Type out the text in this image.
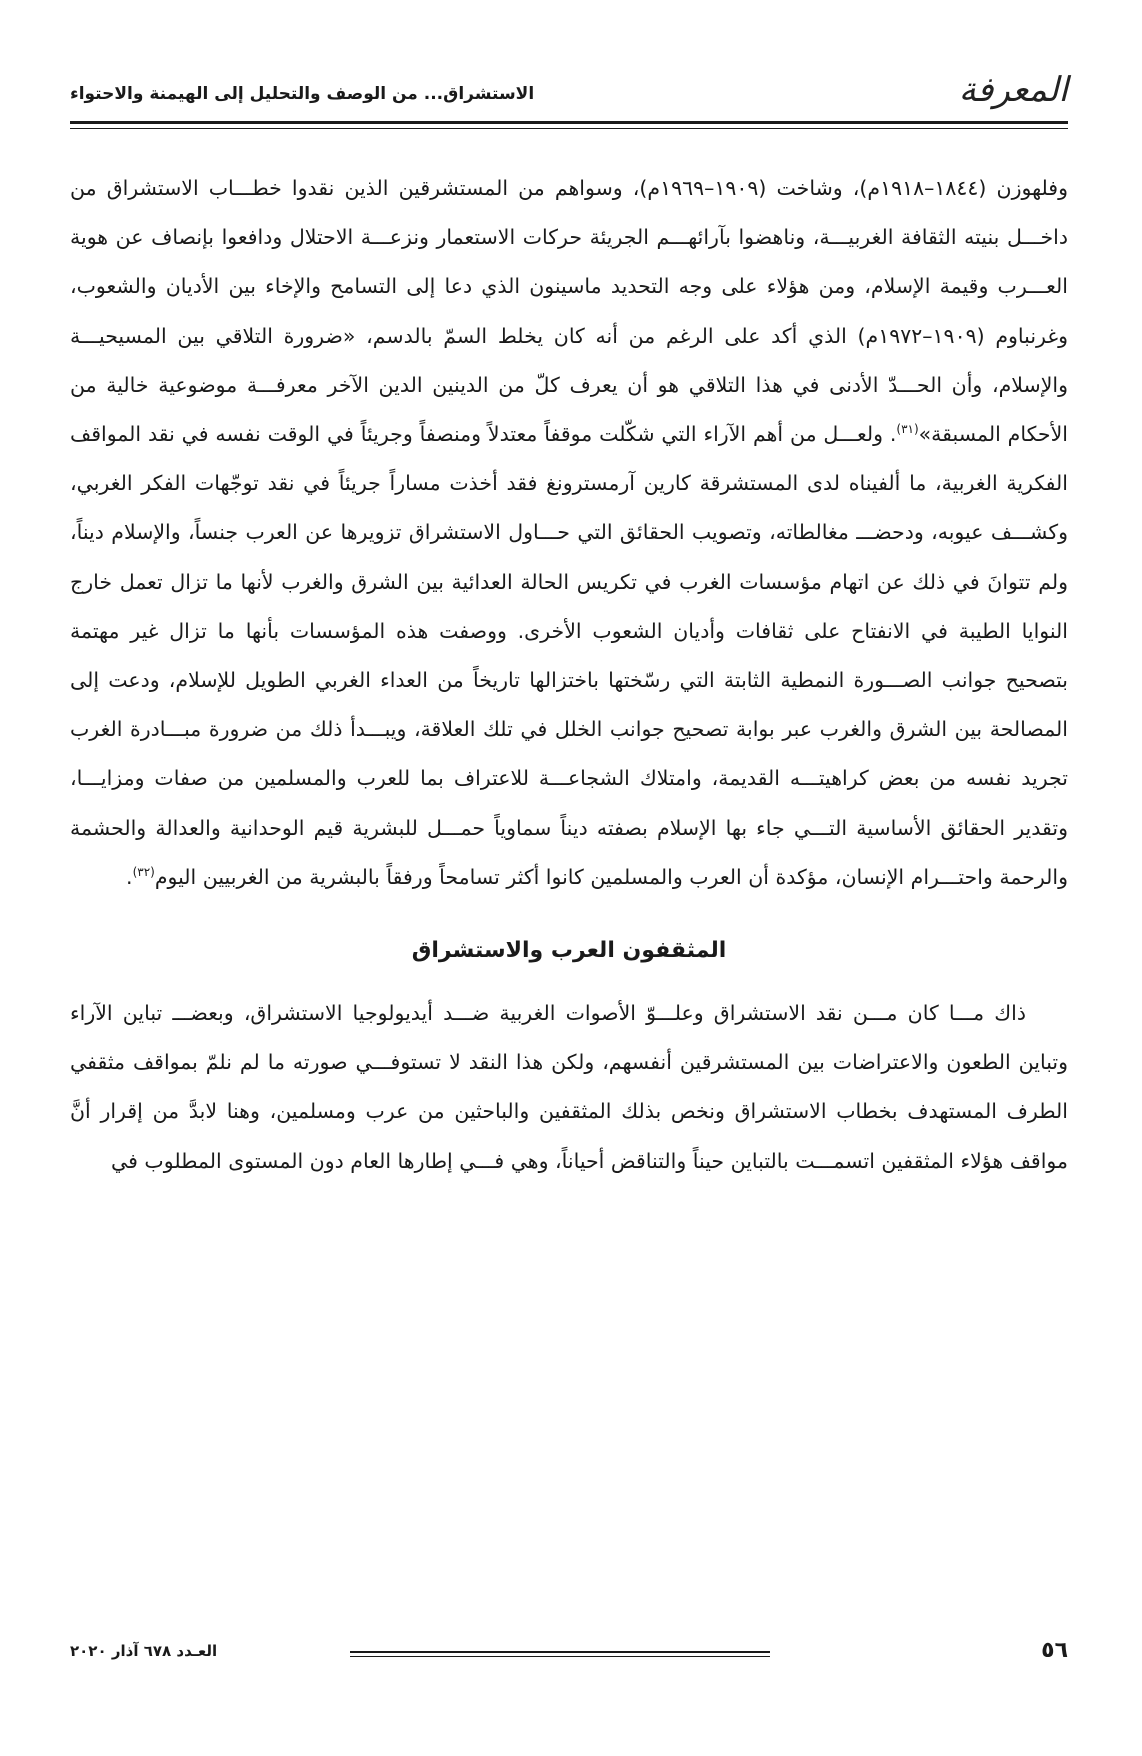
المعرفة
الاستشراق... من الوصف والتحليل إلى الهيمنة والاحتواء

وفلهوزن (١٨٤٤–١٩١٨م)، وشاخت (١٩٠٩–١٩٦٩م)، وسواهم من المستشرقين الذين نقدوا خطـــاب الاستشراق من داخـــل بنيته الثقافة الغربيـــة، وناهضوا بآرائهـــم الجريئة حركات الاستعمار ونزعـــة الاحتلال ودافعوا بإنصاف عن هوية العـــرب وقيمة الإسلام، ومن هؤلاء على وجه التحديد ماسينون الذي دعا إلى التسامح والإخاء بين الأديان والشعوب، وغرنباوم (١٩٠٩–١٩٧٢م) الذي أكد على الرغم من أنه كان يخلط السمّ بالدسم، «ضرورة التلاقي بين المسيحيـــة والإسلام، وأن الحـــدّ الأدنى في هذا التلاقي هو أن يعرف كلّ من الدينين الدين الآخر معرفـــة موضوعية خالية من الأحكام المسبقة»$^{(٣١)}$. ولعـــل من أهم الآراء التي شكّلت موقفاً معتدلاً ومنصفاً وجريئاً في الوقت نفسه في نقد المواقف الفكرية الغربية، ما ألفيناه لدى المستشرقة كارين آرمسترونغ فقد أخذت مساراً جريئاً في نقد توجّهات الفكر الغربي، وكشـــف عيوبه، ودحضـــ مغالطاته، وتصويب الحقائق التي حـــاول الاستشراق تزويرها عن العرب جنساً، والإسلام ديناً، ولم تتوانَ في ذلك عن اتهام مؤسسات الغرب في تكريس الحالة العدائية بين الشرق والغرب لأنها ما تزال تعمل خارج النوايا الطيبة في الانفتاح على ثقافات وأديان الشعوب الأخرى. ووصفت هذه المؤسسات بأنها ما تزال غير مهتمة بتصحيح جوانب الصـــورة النمطية الثابتة التي رسّختها باختزالها تاريخاً من العداء الغربي الطويل للإسلام، ودعت إلى المصالحة بين الشرق والغرب عبر بوابة تصحيح جوانب الخلل في تلك العلاقة، ويبـــدأ ذلك من ضرورة مبـــادرة الغرب تجريد نفسه من بعض كراهيتـــه القديمة، وامتلاك الشجاعـــة للاعتراف بما للعرب والمسلمين من صفات ومزايـــا، وتقدير الحقائق الأساسية التـــي جاء بها الإسلام بصفته ديناً سماوياً حمـــل للبشرية قيم الوحدانية والعدالة والحشمة والرحمة واحتـــرام الإنسان، مؤكدة أن العرب والمسلمين كانوا أكثر تسامحاً ورفقاً بالبشرية من الغربيين اليوم$^{(٣٢)}$.

المثقفون العرب والاستشراق

ذاك مـــا كان مـــن نقد الاستشراق وعلـــوّ الأصوات الغربية ضـــد أيديولوجيا الاستشراق، وبعضـــ تباين الآراء وتباين الطعون والاعتراضات بين المستشرقين أنفسهم، ولكن هذا النقد لا تستوفـــي صورته ما لم نلمّ بمواقف مثقفي الطرف المستهدف بخطاب الاستشراق ونخص بذلك المثقفين والباحثين من عرب ومسلمين، وهنا لابدَّ من إقرار أنَّ مواقف هؤلاء المثقفين اتسمـــت بالتباين حيناً والتناقض أحياناً، وهي فـــي إطارها العام دون المستوى المطلوب في

٥٦
العـدد ٦٧٨ آذار ٢٠٢٠
